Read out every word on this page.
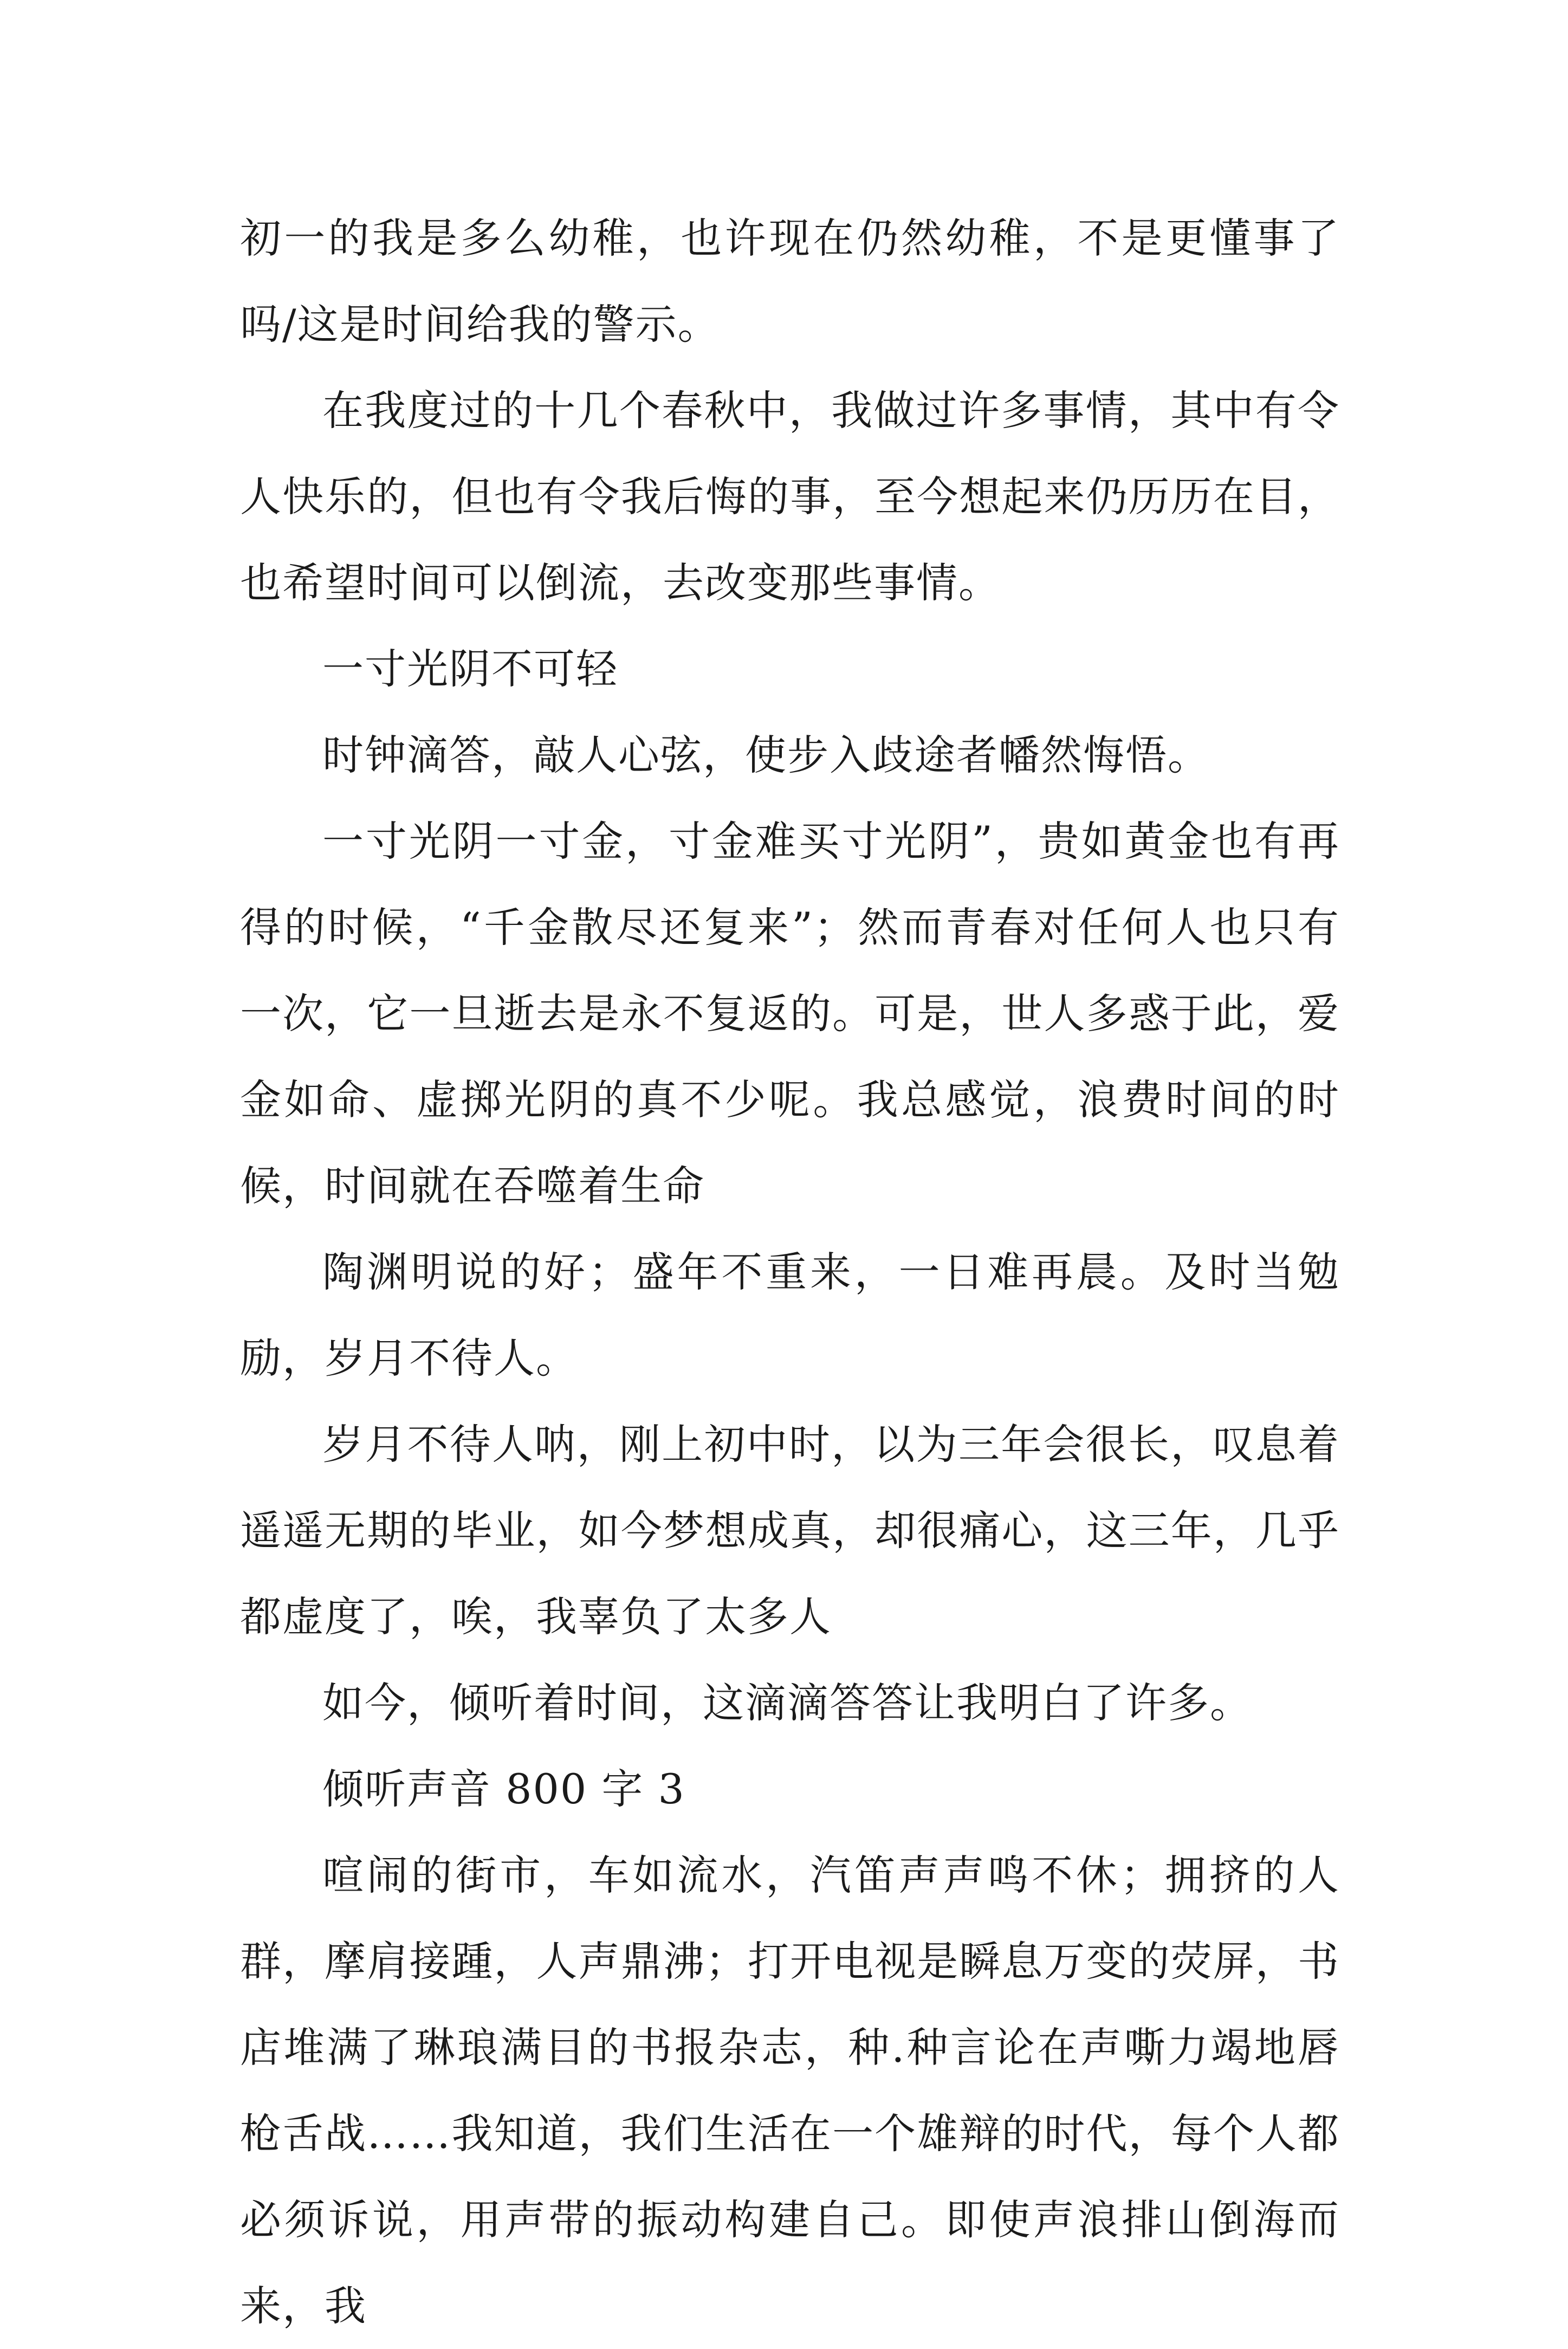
初一的我是多么幼稚，也许现在仍然幼稚，不是更懂事了吗/这是时间给我的警示。

在我度过的十几个春秋中，我做过许多事情，其中有令人快乐的，但也有令我后悔的事，至今想起来仍历历在目，也希望时间可以倒流，去改变那些事情。

一寸光阴不可轻

时钟滴答，敲人心弦，使步入歧途者幡然悔悟。

一寸光阴一寸金，寸金难买寸光阴”，贵如黄金也有再得的时候，“千金散尽还复来”；然而青春对任何人也只有一次，它一旦逝去是永不复返的。可是，世人多惑于此，爱金如命、虚掷光阴的真不少呢。我总感觉，浪费时间的时候，时间就在吞噬着生命

陶渊明说的好；盛年不重来，一日难再晨。及时当勉励，岁月不待人。

岁月不待人呐，刚上初中时，以为三年会很长，叹息着遥遥无期的毕业，如今梦想成真，却很痛心，这三年，几乎都虚度了，唉，我辜负了太多人

如今，倾听着时间，这滴滴答答让我明白了许多。

倾听声音 800 字 3

喧闹的街市，车如流水，汽笛声声鸣不休；拥挤的人群，摩肩接踵，人声鼎沸；打开电视是瞬息万变的荧屏，书店堆满了琳琅满目的书报杂志，种.种言论在声嘶力竭地唇枪舌战……我知道，我们生活在一个雄辩的时代，每个人都必须诉说，用声带的振动构建自己。即使声浪排山倒海而来，我
